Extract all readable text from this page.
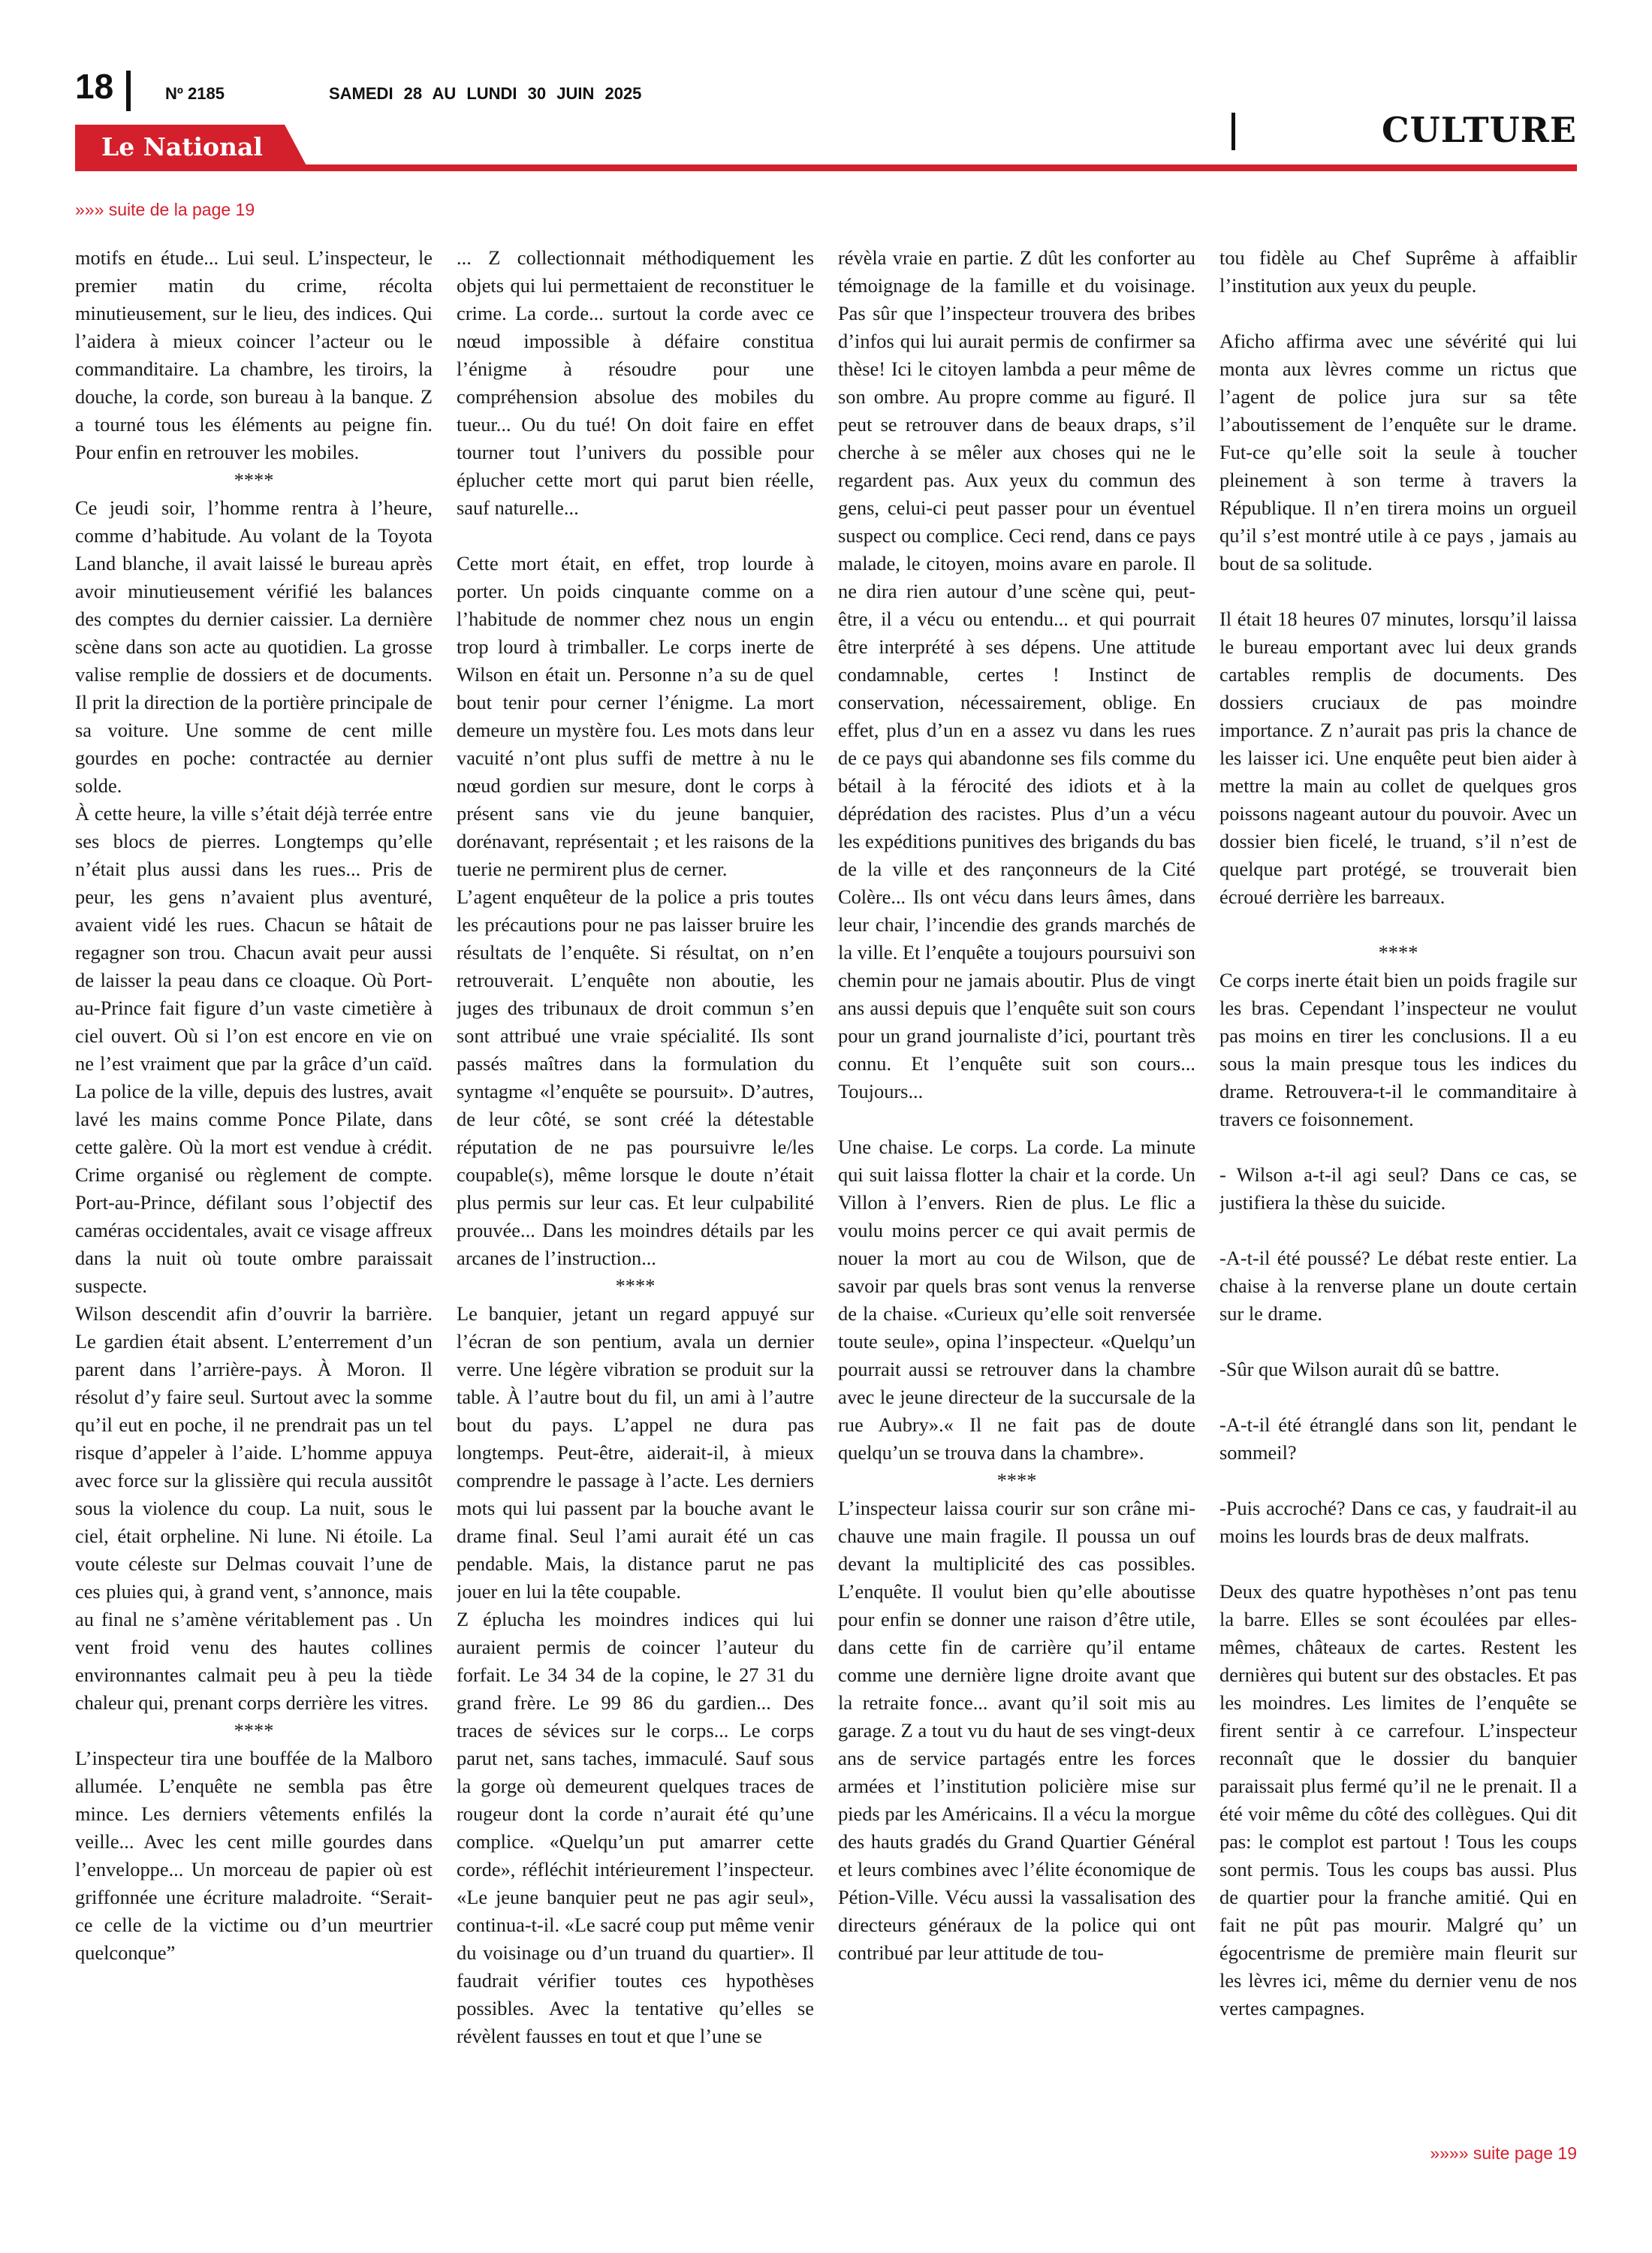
18	Nº 2185	SAMEDI 28 AU LUNDI 30 JUIN 2025
CULTURE
Le National
»»» suite de la page 19

motifs en étude... Lui seul. L’inspecteur, le premier matin du crime, récolta minutieusement, sur le lieu, des indices. Qui l’aidera à mieux coincer l’acteur ou le commanditaire. La chambre, les tiroirs, la douche, la corde, son bureau à la banque. Z a tourné tous les éléments au peigne fin. Pour enfin en retrouver les mobiles.

****

Ce jeudi soir, l’homme rentra à l’heure, comme d’habitude. Au volant de la Toyota Land blanche, il avait laissé le bureau après avoir minutieusement vérifié les balances des comptes du dernier caissier. La dernière scène dans son acte au quotidien. La grosse valise remplie de dossiers et de documents. Il prit la direction de la portière principale de sa voiture. Une somme de cent mille gourdes en poche: contractée au dernier solde.

À cette heure, la ville s’était déjà terrée entre ses blocs de pierres. Longtemps qu’elle n’était plus aussi dans les rues... Pris de peur, les gens n’avaient plus aventuré, avaient vidé les rues. Chacun se hâtait de regagner son trou. Chacun avait peur aussi de laisser la peau dans ce cloaque. Où Port-au-Prince fait figure d’un vaste cimetière à ciel ouvert. Où si l’on est encore en vie on ne l’est vraiment que par la grâce d’un caïd. La police de la ville, depuis des lustres, avait lavé les mains comme Ponce Pilate, dans cette galère. Où la mort est vendue à crédit. Crime organisé ou règlement de compte. Port-au-Prince, défilant sous l’objectif des caméras occidentales, avait ce visage affreux dans la nuit où toute ombre paraissait suspecte.

Wilson descendit afin d’ouvrir la barrière. Le gardien était absent. L’enterrement d’un parent dans l’arrière-pays. À Moron. Il résolut d’y faire seul. Surtout avec la somme qu’il eut en poche, il ne prendrait pas un tel risque d’appeler à l’aide. L’homme appuya avec force sur la glissière qui recula aussitôt sous la violence du coup. La nuit, sous le ciel, était orpheline. Ni lune. Ni étoile. La voute céleste sur Delmas couvait l’une de ces pluies qui, à grand vent, s’annonce, mais au final ne s’amène véritablement pas . Un vent froid venu des hautes collines environnantes calmait peu à peu la tiède chaleur qui, prenant corps derrière les vitres.

****

L’inspecteur tira une bouffée de la Malboro allumée. L’enquête ne sembla pas être mince. Les derniers vêtements enfilés la veille... Avec les cent mille gourdes dans l’enveloppe... Un morceau de papier où est griffonnée une écriture maladroite. “Serait-ce celle de la victime ou d’un meurtrier quelconque”

... Z collectionnait méthodiquement les objets qui lui permettaient de reconstituer le crime. La corde... surtout la corde avec ce nœud impossible à défaire constitua l’énigme à résoudre pour une compréhension absolue des mobiles du tueur... Ou du tué! On doit faire en effet tourner tout l’univers du possible pour éplucher cette mort qui parut bien réelle, sauf naturelle...

Cette mort était, en effet, trop lourde à porter. Un poids cinquante comme on a l’habitude de nommer chez nous un engin trop lourd à trimballer. Le corps inerte de Wilson en était un. Personne n’a su de quel bout tenir pour cerner l’énigme. La mort demeure un mystère fou. Les mots dans leur vacuité n’ont plus suffi de mettre à nu le nœud gordien sur mesure, dont le corps à présent sans vie du jeune banquier, dorénavant, représentait ; et les raisons de la tuerie ne permirent plus de cerner.

L’agent enquêteur de la police a pris toutes les précautions pour ne pas laisser bruire les résultats de l’enquête. Si résultat, on n’en retrouverait. L’enquête non aboutie, les juges des tribunaux de droit commun s’en sont attribué une vraie spécialité. Ils sont passés maîtres dans la formulation du syntagme «l’enquête se poursuit». D’autres, de leur côté, se sont créé la détestable réputation de ne pas poursuivre le/les coupable(s), même lorsque le doute n’était plus permis sur leur cas. Et leur culpabilité prouvée... Dans les moindres détails par les arcanes de l’instruction...

****

Le banquier, jetant un regard appuyé sur l’écran de son pentium, avala un dernier verre. Une légère vibration se produit sur la table. À l’autre bout du fil, un ami à l’autre bout du pays. L’appel ne dura pas longtemps. Peut-être, aiderait-il, à mieux comprendre le passage à l’acte. Les derniers mots qui lui passent par la bouche avant le drame final. Seul l’ami aurait été un cas pendable. Mais, la distance parut ne pas jouer en lui la tête coupable.

Z éplucha les moindres indices qui lui auraient permis de coincer l’auteur du forfait. Le 34 34 de la copine, le 27 31 du grand frère. Le 99 86 du gardien... Des traces de sévices sur le corps... Le corps parut net, sans taches, immaculé. Sauf sous la gorge où demeurent quelques traces de rougeur dont la corde n’aurait été qu’une complice. «Quelqu’un put amarrer cette corde», réfléchit intérieurement l’inspecteur. «Le jeune banquier peut ne pas agir seul», continua-t-il. «Le sacré coup put même venir du voisinage ou d’un truand du quartier». Il faudrait vérifier toutes ces hypothèses possibles. Avec la tentative qu’elles se révèlent fausses en tout et que l’une se

révèla vraie en partie. Z dût les conforter au témoignage de la famille et du voisinage. Pas sûr que l’inspecteur trouvera des bribes d’infos qui lui aurait permis de confirmer sa thèse! Ici le citoyen lambda a peur même de son ombre. Au propre comme au figuré. Il peut se retrouver dans de beaux draps, s’il cherche à se mêler aux choses qui ne le regardent pas. Aux yeux du commun des gens, celui-ci peut passer pour un éventuel suspect ou complice. Ceci rend, dans ce pays malade, le citoyen, moins avare en parole. Il ne dira rien autour d’une scène qui, peut-être, il a vécu ou entendu... et qui pourrait être interprété à ses dépens. Une attitude condamnable, certes ! Instinct de conservation, nécessairement, oblige. En effet, plus d’un en a assez vu dans les rues de ce pays qui abandonne ses fils comme du bétail à la férocité des idiots et à la déprédation des racistes. Plus d’un a vécu les expéditions punitives des brigands du bas de la ville et des rançonneurs de la Cité Colère... Ils ont vécu dans leurs âmes, dans leur chair, l’incendie des grands marchés de la ville. Et l’enquête a toujours poursuivi son chemin pour ne jamais aboutir. Plus de vingt ans aussi depuis que l’enquête suit son cours pour un grand journaliste d’ici, pourtant très connu. Et l’enquête suit son cours... Toujours...

Une chaise. Le corps. La corde. La minute qui suit laissa flotter la chair et la corde. Un Villon à l’envers. Rien de plus. Le flic a voulu moins percer ce qui avait permis de nouer la mort au cou de Wilson, que de savoir par quels bras sont venus la renverse de la chaise. «Curieux qu’elle soit renversée toute seule», opina l’inspecteur. «Quelqu’un pourrait aussi se retrouver dans la chambre avec le jeune directeur de la succursale de la rue Aubry».« Il ne fait pas de doute quelqu’un se trouva dans la chambre».

****

L’inspecteur laissa courir sur son crâne mi- chauve une main fragile. Il poussa un ouf devant la multiplicité des cas possibles. L’enquête. Il voulut bien qu’elle aboutisse pour enfin se donner une raison d’être utile, dans cette fin de carrière qu’il entame comme une dernière ligne droite avant que la retraite fonce... avant qu’il soit mis au garage. Z a tout vu du haut de ses vingt-deux ans de service partagés entre les forces armées et l’institution policière mise sur pieds par les Américains. Il a vécu la morgue des hauts gradés du Grand Quartier Général et leurs combines avec l’élite économique de Pétion-Ville. Vécu aussi la vassalisation des directeurs généraux de la police qui ont contribué par leur attitude de tou-

tou fidèle au Chef Suprême à affaiblir l’institution aux yeux du peuple.

Aficho affirma avec une sévérité qui lui monta aux lèvres comme un rictus que l’agent de police jura sur sa tête l’aboutissement de l’enquête sur le drame. Fut-ce qu’elle soit la seule à toucher pleinement à son terme à travers la République. Il n’en tirera moins un orgueil qu’il s’est montré utile à ce pays , jamais au bout de sa solitude.

Il était 18 heures 07 minutes, lorsqu’il laissa le bureau emportant avec lui deux grands cartables remplis de documents. Des dossiers cruciaux de pas moindre importance. Z n’aurait pas pris la chance de les laisser ici. Une enquête peut bien aider à mettre la main au collet de quelques gros poissons nageant autour du pouvoir. Avec un dossier bien ficelé, le truand, s’il n’est de quelque part protégé, se trouverait bien écroué derrière les barreaux.

****

Ce corps inerte était bien un poids fragile sur les bras. Cependant l’inspecteur ne voulut pas moins en tirer les conclusions. Il a eu sous la main presque tous les indices du drame. Retrouvera-t-il le commanditaire à travers ce foisonnement.

- Wilson a-t-il agi seul? Dans ce cas, se justifiera la thèse du suicide.

-A-t-il été poussé? Le débat reste entier. La chaise à la renverse plane un doute certain sur le drame.

-Sûr que Wilson aurait dû se battre.

-A-t-il été étranglé dans son lit, pendant le sommeil?

-Puis accroché? Dans ce cas, y faudrait-il au moins les lourds bras de deux malfrats.

Deux des quatre hypothèses n’ont pas tenu la barre. Elles se sont écoulées par elles-mêmes, châteaux de cartes. Restent les dernières qui butent sur des obstacles. Et pas les moindres. Les limites de l’enquête se firent sentir à ce carrefour. L’inspecteur reconnaît que le dossier du banquier paraissait plus fermé qu’il ne le prenait. Il a été voir même du côté des collègues. Qui dit pas: le complot est partout ! Tous les coups sont permis. Tous les coups bas aussi. Plus de quartier pour la franche amitié. Qui en fait ne pût pas mourir. Malgré qu’ un égocentrisme de première main fleurit sur les lèvres ici, même du dernier venu de nos vertes campagnes.

»»»» suite page 19
